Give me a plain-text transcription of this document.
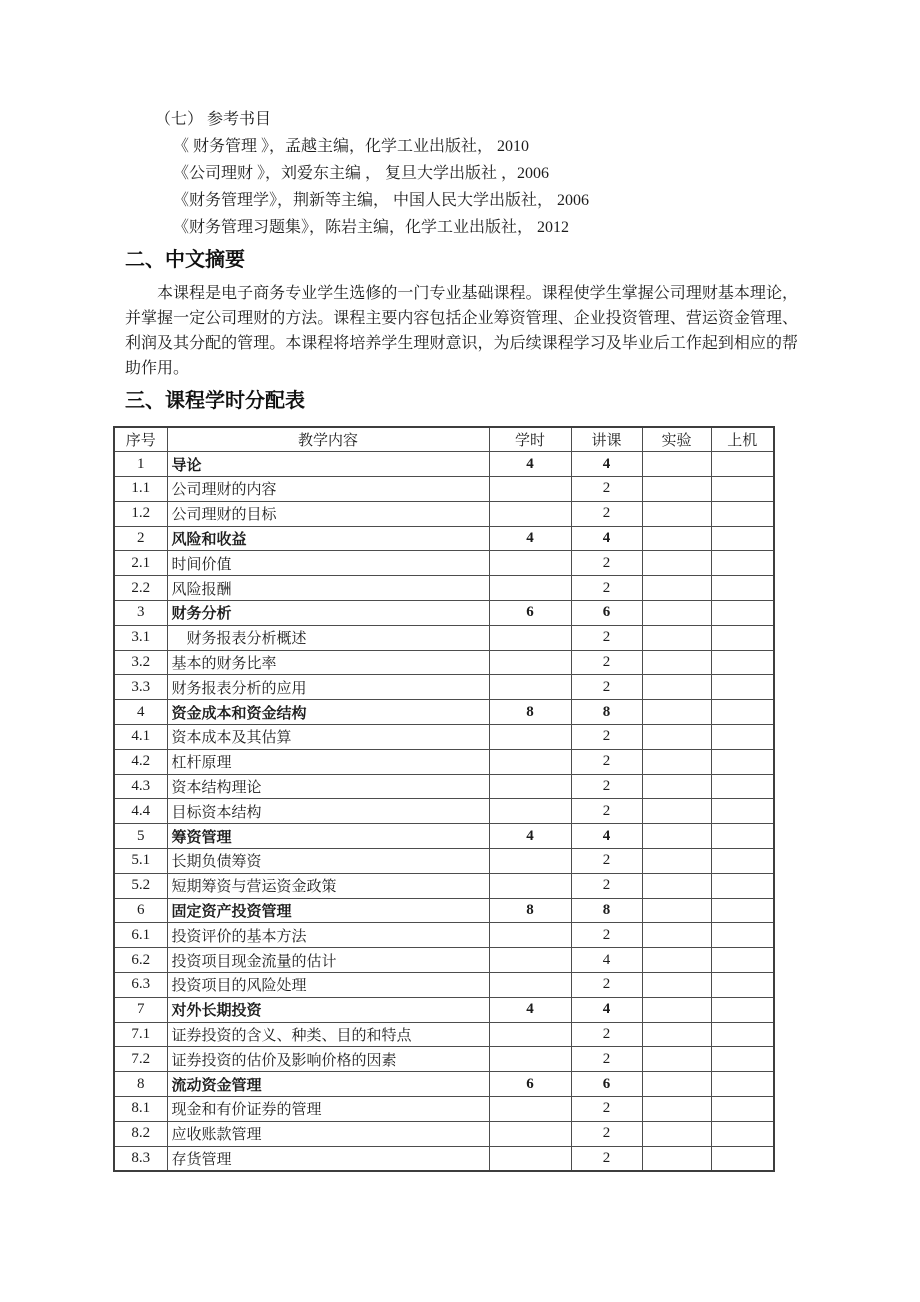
（七） 参考书目
《 财务管理 》，孟越主编，化学工业出版社， 2010
《公司理财 》，刘爱东主编 ， 复旦大学出版社 ，2006
《财务管理学》，荆新等主编， 中国人民大学出版社， 2006
《财务管理习题集》，陈岩主编，化学工业出版社， 2012
二、中文摘要
本课程是电子商务专业学生选修的一门专业基础课程。课程使学生掌握公司理财基本理论，并掌握一定公司理财的方法。课程主要内容包括企业筹资管理、企业投资管理、营运资金管理、利润及其分配的管理。本课程将培养学生理财意识，为后续课程学习及毕业后工作起到相应的帮助作用。
三、课程学时分配表
序号	教学内容	学时	讲课	实验	上机
1	导论	4	4		
1.1	公司理财的内容		2		
1.2	公司理财的目标		2		
2	风险和收益	4	4		
2.1	时间价值		2		
2.2	风险报酬		2		
3	财务分析	6	6		
3.1	　财务报表分析概述		2		
3.2	基本的财务比率		2		
3.3	财务报表分析的应用		2		
4	资金成本和资金结构	8	8		
4.1	资本成本及其估算		2		
4.2	杠杆原理		2		
4.3	资本结构理论		2		
4.4	目标资本结构		2		
5	筹资管理	4	4		
5.1	长期负债筹资		2		
5.2	短期筹资与营运资金政策		2		
6	固定资产投资管理	8	8		
6.1	投资评价的基本方法		2		
6.2	投资项目现金流量的估计		4		
6.3	投资项目的风险处理		2		
7	对外长期投资	4	4		
7.1	证券投资的含义、种类、目的和特点		2		
7.2	证券投资的估价及影响价格的因素		2		
8	流动资金管理	6	6		
8.1	现金和有价证券的管理		2		
8.2	应收账款管理		2		
8.3	存货管理		2		
